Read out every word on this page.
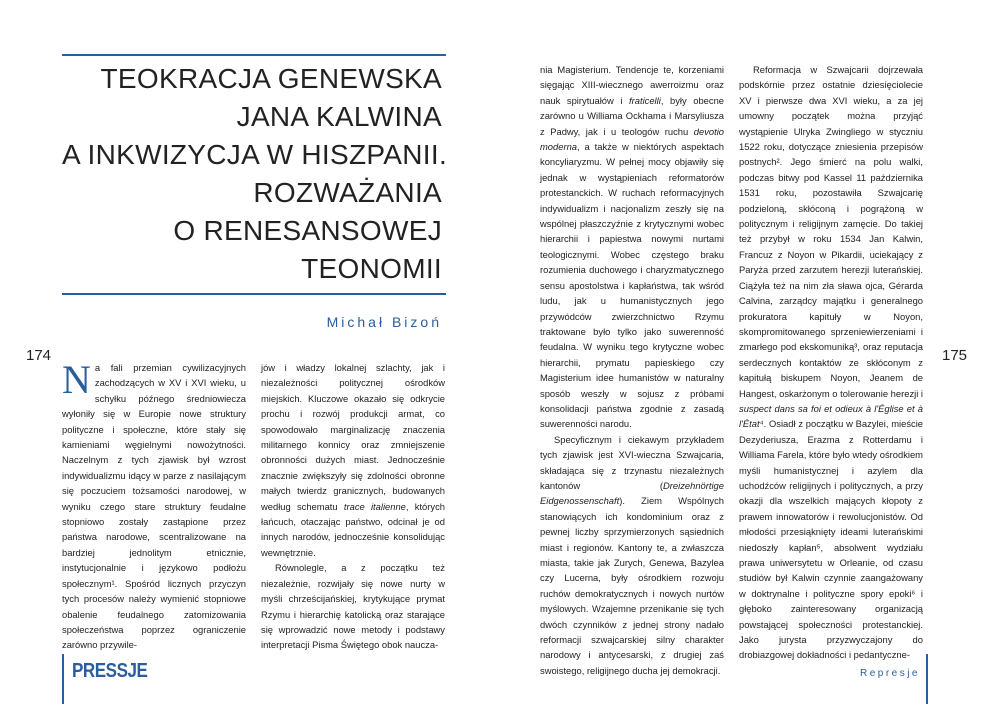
TEOKRACJA GENEWSKA
JANA KALWINA
A INKWIZYCJA W HISZPANII.
ROZWAŻANIA
O RENESANSOWEJ
TEONOMII
Michał Bizoń
174	175

Na fali przemian cywilizacyjnych zachodzących w XV i XVI wieku, u schyłku późnego średniowiecza wyłoniły się w Europie nowe struktury polityczne i społeczne, które stały się kamieniami węgielnymi nowożytności. Naczelnym z tych zjawisk był wzrost indywidualizmu idący w parze z nasilającym się poczuciem tożsamości narodowej, w wyniku czego stare struktury feudalne stopniowo zostały zastąpione przez państwa narodowe, scentralizowane na bardziej jednolitym etnicznie, instytucjonalnie i językowo podłożu społecznym¹. Spośród licznych przyczyn tych procesów należy wymienić stopniowe obalenie feudalnego zatomizowania społeczeństwa poprzez ograniczenie zarówno przywile-

jów i władzy lokalnej szlachty, jak i niezależności politycznej ośrodków miejskich. Kluczowe okazało się odkrycie prochu i rozwój produkcji armat, co spowodowało marginalizację znaczenia militarnego konnicy oraz zmniejszenie obronności dużych miast. Jednocześnie znacznie zwiększyły się zdolności obronne małych twierdz granicznych, budowanych według schematu trace italienne, których łańcuch, otaczając państwo, odcinał je od innych narodów, jednocześnie konsolidując wewnętrznie.

Równolegle, a z początku też niezależnie, rozwijały się nowe nurty w myśli chrześcijańskiej, krytykujące prymat Rzymu i hierarchię katolicką oraz starające się wprowadzić nowe metody i podstawy interpretacji Pisma Świętego obok naucza-

nia Magisterium. Tendencje te, korzeniami sięgając XIII-wiecznego awerroizmu oraz nauk spirytuałów i fraticelli, były obecne zarówno u Williama Ockhama i Marsyliusza z Padwy, jak i u teologów ruchu devotio moderna, a także w niektórych aspektach koncyliaryzmu. W pełnej mocy objawiły się jednak w wystąpieniach reformatorów protestanckich. W ruchach reformacyjnych indywidualizm i nacjonalizm zeszły się na wspólnej płaszczyźnie z krytycznymi wobec hierarchii i papiestwa nowymi nurtami teologicznymi. Wobec częstego braku rozumienia duchowego i charyzmatycznego sensu apostolstwa i kapłaństwa, tak wśród ludu, jak u humanistycznych jego przywódców zwierzchnictwo Rzymu traktowane było tylko jako suwerenność feudalna. W wyniku tego krytyczne wobec hierarchii, prymatu papieskiego czy Magisterium idee humanistów w naturalny sposób weszły w sojusz z próbami konsolidacji państwa zgodnie z zasadą suwerenności narodu.

Specyficznym i ciekawym przykładem tych zjawisk jest XVI-wieczna Szwajcaria, składająca się z trzynastu niezależnych kantonów (Dreizehnörtige Eidgenossenschaft). Ziem Wspólnych stanowiących ich kondominium oraz z pewnej liczby sprzymierzonych sąsiednich miast i regionów. Kantony te, a zwłaszcza miasta, takie jak Zurych, Genewa, Bazylea czy Lucerna, były ośrodkiem rozwoju ruchów demokratycznych i nowych nurtów myślowych. Wzajemne przenikanie się tych dwóch czynników z jednej strony nadało reformacji szwajcarskiej silny charakter narodowy i antycesarski, z drugiej zaś swoistego, religijnego ducha jej demokracji.

Reformacja w Szwajcarii dojrzewała podskórnie przez ostatnie dziesięciolecie XV i pierwsze dwa XVI wieku, a za jej umowny początek można przyjąć wystąpienie Ulryka Zwingliego w styczniu 1522 roku, dotyczące zniesienia przepisów postnych². Jego śmierć na polu walki, podczas bitwy pod Kassel 11 października 1531 roku, pozostawiła Szwajcarię podzieloną, skłóconą i pogrążoną w politycznym i religijnym zamęcie. Do takiej też przybył w roku 1534 Jan Kalwin, Francuz z Noyon w Pikardii, uciekający z Paryża przed zarzutem herezji luterańskiej. Ciążyła też na nim zła sława ojca, Gérarda Calvina, zarządcy majątku i generalnego prokuratora kapituły w Noyon, skompromitowanego sprzeniewierzeniami i zmarłego pod ekskomuniką³, oraz reputacja serdecznych kontaktów ze skłóconym z kapitułą biskupem Noyon, Jeanem de Hangest, oskarżonym o tolerowanie herezji i suspect dans sa foi et odieux à l'Église et à l'État⁴. Osiadł z początku w Bazylei, mieście Dezyderiusza, Erazma z Rotterdamu i Williama Farela, które było wtedy ośrodkiem myśli humanistycznej i azylem dla uchodźców religijnych i politycznych, a przy okazji dla wszelkich mających kłopoty z prawem innowatorów i rewolucjonistów. Od młodości przesiąknięty ideami luterańskimi niedoszły kapłan⁵, absolwent wydziału prawa uniwersytetu w Orleanie, od czasu studiów był Kalwin czynnie zaangażowany w doktrynalne i polityczne spory epoki⁶ i głęboko zainteresowany organizacją powstającej społeczności protestanckiej. Jako jurysta przyzwyczajony do drobiazgowej dokładności i pedantyczne-

PRESSJE	Represje
